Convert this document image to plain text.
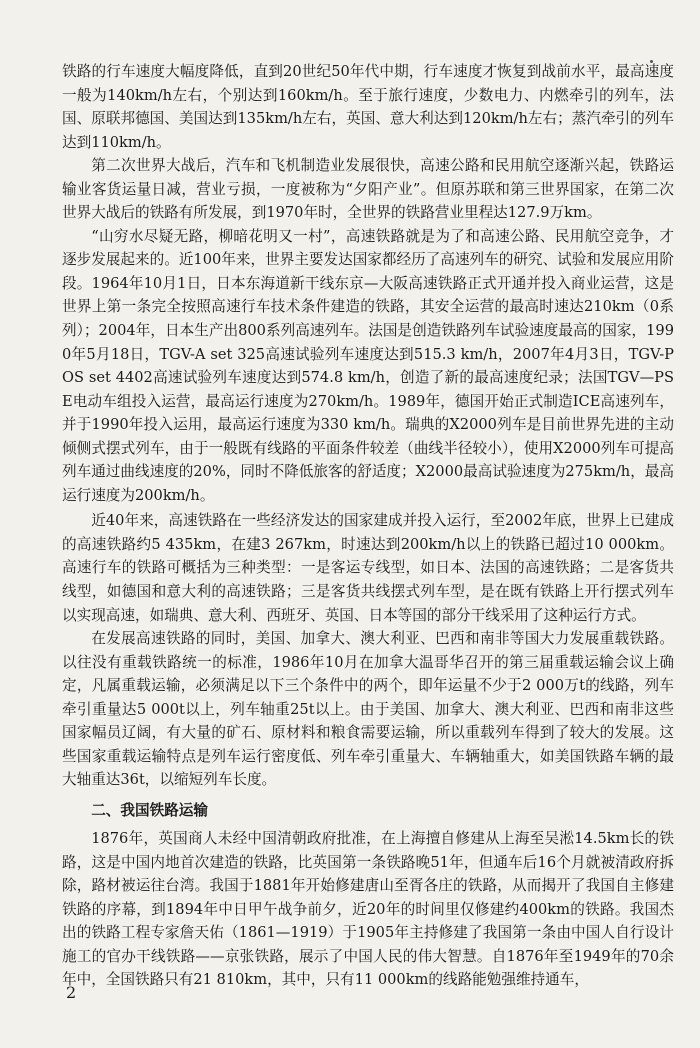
铁路的行车速度大幅度降低，直到20世纪50年代中期，行车速度才恢复到战前水平，最高速度一般为140km/h左右，个别达到160km/h。至于旅行速度，少数电力、内燃牵引的列车，法国、原联邦德国、美国达到135km/h左右，英国、意大利达到120km/h左右；蒸汽牵引的列车达到110km/h。

第二次世界大战后，汽车和飞机制造业发展很快，高速公路和民用航空逐渐兴起，铁路运输业客货运量日减，营业亏损，一度被称为“夕阳产业”。但原苏联和第三世界国家，在第二次世界大战后的铁路有所发展，到1970年时，全世界的铁路营业里程达127.9万km。

“山穷水尽疑无路，柳暗花明又一村”，高速铁路就是为了和高速公路、民用航空竞争，才逐步发展起来的。近100年来，世界主要发达国家都经历了高速列车的研究、试验和发展应用阶段。1964年10月1日，日本东海道新干线东京—大阪高速铁路正式开通并投入商业运营，这是世界上第一条完全按照高速行车技术条件建造的铁路，其安全运营的最高时速达210km（0系列）；2004年，日本生产出800系列高速列车。法国是创造铁路列车试验速度最高的国家，1990年5月18日，TGV-A set 325高速试验列车速度达到515.3 km/h，2007年4月3日，TGV-POS set 4402高速试验列车速度达到574.8 km/h，创造了新的最高速度纪录；法国TGV—PSE电动车组投入运营，最高运行速度为270km/h。1989年，德国开始正式制造ICE高速列车，并于1990年投入运用，最高运行速度为330 km/h。瑞典的X2000列车是目前世界先进的主动倾侧式摆式列车，由于一般既有线路的平面条件较差（曲线半径较小），使用X2000列车可提高列车通过曲线速度的20%，同时不降低旅客的舒适度；X2000最高试验速度为275km/h，最高运行速度为200km/h。

近40年来，高速铁路在一些经济发达的国家建成并投入运行，至2002年底，世界上已建成的高速铁路约5 435km，在建3 267km，时速达到200km/h以上的铁路已超过10 000km。高速行车的铁路可概括为三种类型：一是客运专线型，如日本、法国的高速铁路；二是客货共线型，如德国和意大利的高速铁路；三是客货共线摆式列车型，是在既有铁路上开行摆式列车以实现高速，如瑞典、意大利、西班牙、英国、日本等国的部分干线采用了这种运行方式。

在发展高速铁路的同时，美国、加拿大、澳大利亚、巴西和南非等国大力发展重载铁路。以往没有重载铁路统一的标准，1986年10月在加拿大温哥华召开的第三届重载运输会议上确定，凡属重载运输，必须满足以下三个条件中的两个，即年运量不少于2 000万t的线路，列车牵引重量达5 000t以上，列车轴重25t以上。由于美国、加拿大、澳大利亚、巴西和南非这些国家幅员辽阔，有大量的矿石、原材料和粮食需要运输，所以重载列车得到了较大的发展。这些国家重载运输特点是列车运行密度低、列车牵引重量大、车辆轴重大，如美国铁路车辆的最大轴重达36t，以缩短列车长度。

二、我国铁路运输

1876年，英国商人未经中国清朝政府批准，在上海擅自修建从上海至吴淞14.5km长的铁路，这是中国内地首次建造的铁路，比英国第一条铁路晚51年，但通车后16个月就被清政府拆除，路材被运往台湾。我国于1881年开始修建唐山至胥各庄的铁路，从而揭开了我国自主修建铁路的序幕，到1894年中日甲午战争前夕，近20年的时间里仅修建约400km的铁路。我国杰出的铁路工程专家詹天佑（1861—1919）于1905年主持修建了我国第一条由中国人自行设计施工的官办干线铁路——京张铁路，展示了中国人民的伟大智慧。自1876年至1949年的70余年中，全国铁路只有21 810km，其中，只有11 000km的线路能勉强维持通车，

2
